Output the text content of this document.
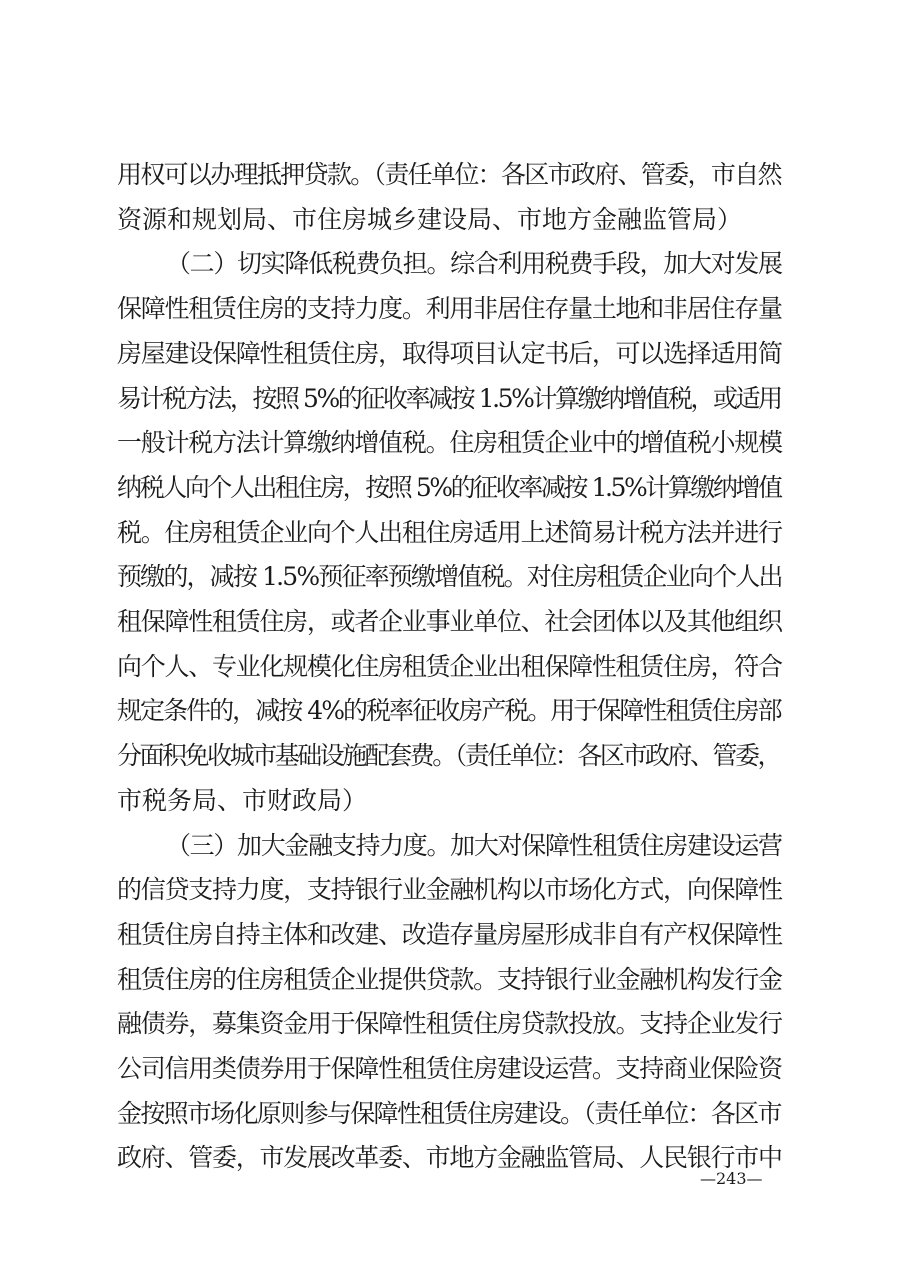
用权可以办理抵押贷款。（责任单位：各区市政府、管委，市自然
资源和规划局、市住房城乡建设局、市地方金融监管局）
（二）切实降低税费负担。综合利用税费手段，加大对发展
保障性租赁住房的支持力度。利用非居住存量土地和非居住存量
房屋建设保障性租赁住房，取得项目认定书后，可以选择适用简
易计税方法，按照 5%的征收率减按 1.5%计算缴纳增值税，或适用
一般计税方法计算缴纳增值税。住房租赁企业中的增值税小规模
纳税人向个人出租住房，按照 5%的征收率减按 1.5%计算缴纳增值
税。住房租赁企业向个人出租住房适用上述简易计税方法并进行
预缴的，减按 1.5%预征率预缴增值税。对住房租赁企业向个人出
租保障性租赁住房，或者企业事业单位、社会团体以及其他组织
向个人、专业化规模化住房租赁企业出租保障性租赁住房，符合
规定条件的，减按 4%的税率征收房产税。用于保障性租赁住房部
分面积免收城市基础设施配套费。（责任单位：各区市政府、管委，
市税务局、市财政局）
（三）加大金融支持力度。加大对保障性租赁住房建设运营
的信贷支持力度，支持银行业金融机构以市场化方式，向保障性
租赁住房自持主体和改建、改造存量房屋形成非自有产权保障性
租赁住房的住房租赁企业提供贷款。支持银行业金融机构发行金
融债券，募集资金用于保障性租赁住房贷款投放。支持企业发行
公司信用类债券用于保障性租赁住房建设运营。支持商业保险资
金按照市场化原则参与保障性租赁住房建设。（责任单位：各区市
政府、管委，市发展改革委、市地方金融监管局、人民银行市中
—243—
